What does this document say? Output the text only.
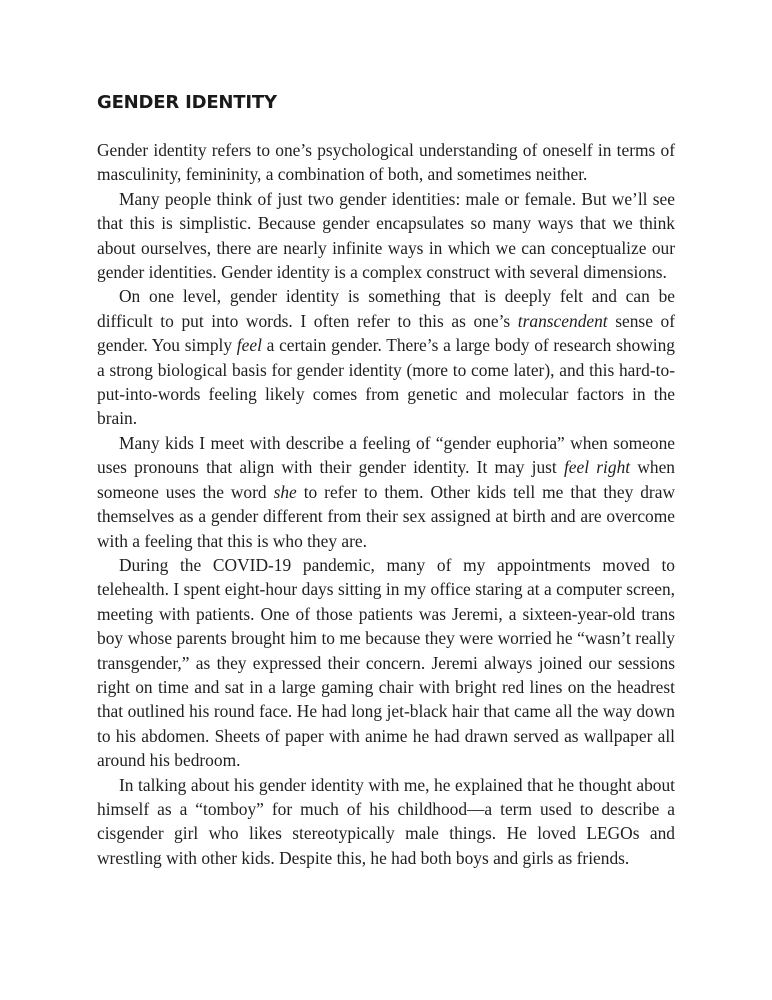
GENDER IDENTITY

Gender identity refers to one’s psychological understanding of oneself in terms of masculinity, femininity, a combination of both, and sometimes neither.

Many people think of just two gender identities: male or female. But we’ll see that this is simplistic. Because gender encapsulates so many ways that we think about ourselves, there are nearly infinite ways in which we can conceptualize our gender identities. Gender identity is a complex construct with several dimensions.

On one level, gender identity is something that is deeply felt and can be difficult to put into words. I often refer to this as one’s transcendent sense of gender. You simply feel a certain gender. There’s a large body of research showing a strong biological basis for gender identity (more to come later), and this hard-to-put-into-words feeling likely comes from genetic and molecular factors in the brain.

Many kids I meet with describe a feeling of “gender euphoria” when someone uses pronouns that align with their gender identity. It may just feel right when someone uses the word she to refer to them. Other kids tell me that they draw themselves as a gender different from their sex assigned at birth and are overcome with a feeling that this is who they are.

During the COVID-19 pandemic, many of my appointments moved to telehealth. I spent eight-hour days sitting in my office staring at a computer screen, meeting with patients. One of those patients was Jeremi, a sixteen-year-old trans boy whose parents brought him to me because they were worried he “wasn’t really transgender,” as they expressed their concern. Jeremi always joined our sessions right on time and sat in a large gaming chair with bright red lines on the headrest that outlined his round face. He had long jet-black hair that came all the way down to his abdomen. Sheets of paper with anime he had drawn served as wallpaper all around his bedroom.

In talking about his gender identity with me, he explained that he thought about himself as a “tomboy” for much of his childhood—a term used to describe a cisgender girl who likes stereotypically male things. He loved LEGOs and wrestling with other kids. Despite this, he had both boys and girls as friends.
